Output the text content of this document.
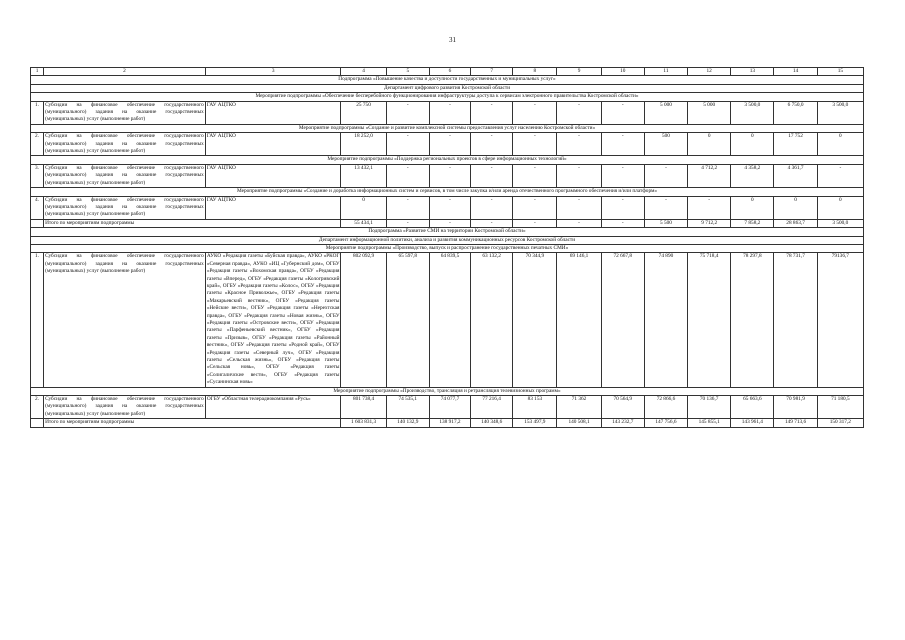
31
1	2	3	4	5	6	7	8	9	10	11	12	13	14	15
Подпрограмма «Повышение качества и доступности государственных и муниципальных услуг»														
Департамент цифрового развития Костромской области														
Мероприятие подпрограммы «Обеспечение бесперебойного функционирования инфраструктуры доступа к сервисам электронного правительства Костромской области»														
1.	Субсидии на финансовое обеспечение государственного (муниципального) задания на оказание государственных (муниципальных) услуг (выполнение работ)	ГАУ АЦТКО	25 750	-	-	-	-	-	-	5 000	5 000	3 500,0	6 750,0	3 500,0
Мероприятие подпрограммы «Создание и развитие комплексной системы предоставления услуг населению Костромской области»														
2.	Субсидии на финансовое обеспечение государственного (муниципального) задания на оказание государственных (муниципальных) услуг (выполнение работ)	ГАУ АЦТКО	18 252,0	-	-	-	-	-	-	500	0	0	17 752	0
Мероприятие подпрограммы «Поддержка региональных проектов в сфере информационных технологий»														
3.	Субсидии на финансовое обеспечение государственного (муниципального) задания на оказание государственных (муниципальных) услуг (выполнение работ)	ГАУ АЦТКО	13 432,1	-	-	-	-	-	-	-	4 712,2	4 358,2	4 361,7	-
Мероприятие подпрограммы «Создание и доработка информационных систем и сервисов, в том числе закупка и/или аренда отечественного программного обеспечения и/или платформ»														
4.	Субсидии на финансовое обеспечение государственного (муниципального) задания на оказание государственных (муниципальных) услуг (выполнение работ)	ГАУ АЦТКО	0	-	-	-	-	-	-	-	-	0	0	0
	Итого по мероприятиям подпрограммы		55 434,1	-	-	-	-	-	-	5 500	9 712,2	7 858,2	28 863,7	3 500,0
Подпрограмма «Развитие СМИ на территории Костромской области»														
Департамент информационной политики, анализа и развития коммуникационных ресурсов Костромской области														
Мероприятие подпрограммы «Производство, выпуск и распространение государственных печатных СМИ»														
1.	Субсидии на финансовое обеспечение государственного (муниципального) задания на оказание государственных (муниципальных) услуг (выполнение работ)	АУКО «Редакция газеты «Буйская правда», АУКО «РКОГ «Северная правда», АУКО «ИЦ «Губернский дом», ОГБУ «Редакция газеты «Вохомская правда», ОГБУ «Редакция газеты «Вперед», ОГБУ «Редакция газеты «Кологривский край», ОГБУ «Редакция газеты «Колос», ОГБУ «Редакция газеты «Красное Приволжье», ОГБУ «Редакция газеты «Макарьевский вестник», ОГБУ «Редакция газеты «Нейские вести», ОГБУ «Редакция газеты «Нерехтская правда», ОГБУ «Редакция газеты «Новая жизнь», ОГБУ «Редакция газеты «Островские вести», ОГБУ «Редакция газеты «Парфеньевский вестник», ОГБУ «Редакция газеты «Призыв», ОГБУ «Редакция газеты «Районный вестник», ОГБУ «Редакция газеты «Родной край», ОГБУ «Редакция газеты «Северный луч», ОГБУ «Редакция газеты «Сельская жизнь», ОГБУ «Редакция газеты «Сельская новь», ОГБУ «Редакция газеты «Солигаличские вести», ОГБУ «Редакция газеты «Сусанинская новь»	802 092,9	65 597,8	64 839,5	63 132,2	70 344,9	69 146,1	72 667,8	74 890	75 718,4	78 297,8	78 731,7	79136,7
Мероприятие подпрограммы «Производство, трансляция и ретрансляция телевизионных программ»														
2.	Субсидии на финансовое обеспечение государственного (муниципального) задания на оказание государственных (муниципальных) услуг (выполнение работ)	ОГБУ «Областная телерадиокомпания «Русь»	801 738,4	74 535,1	74 077,7	77 216,4	83 153	71 362	70 564,9	72 866,6	70 136,7	65 663,6	70 981,9	71 180,5
	Итого по мероприятиям подпрограммы		1 603 831,3	140 132,9	138 917,2	140 348,6	153 497,9	140 508,1	143 232,7	147 756,6	145 855,1	143 961,4	149 713,6	150 317,2
